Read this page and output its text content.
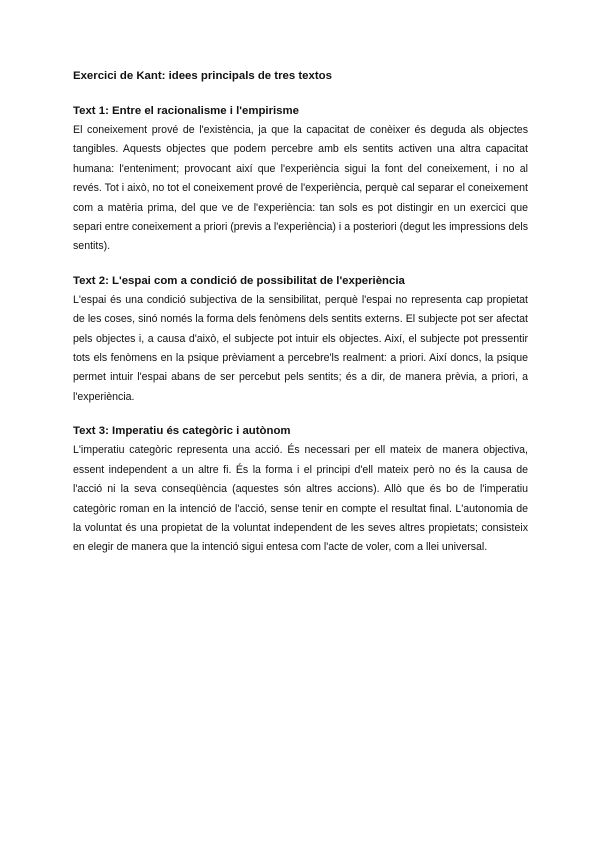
Exercici de Kant: idees principals de tres textos
Text 1: Entre el racionalisme i l'empirisme

El coneixement prové de l'existència, ja que la capacitat de conèixer és deguda als objectes tangibles. Aquests objectes que podem percebre amb els sentits activen una altra capacitat humana: l'enteniment; provocant així que l'experiència sigui la font del coneixement, i no al revés. Tot i això, no tot el coneixement prové de l'experiència, perquè cal separar el coneixement com a matèria prima, del que ve de l'experiència: tan sols es pot distingir en un exercici que separi entre coneixement a priori (previs a l'experiència) i a posteriori (degut les impressions dels sentits).

Text 2: L'espai com a condició de possibilitat de l'experiència

L'espai és una condició subjectiva de la sensibilitat, perquè l'espai no representa cap propietat de les coses, sinó només la forma dels fenòmens dels sentits externs. El subjecte pot ser afectat pels objectes i, a causa d'això, el subjecte pot intuir els objectes. Així, el subjecte pot pressentir tots els fenòmens en la psique prèviament a percebre'ls realment: a priori. Així doncs, la psique permet intuir l'espai abans de ser percebut pels sentits; és a dir, de manera prèvia, a priori, a l'experiència.

Text 3: Imperatiu és categòric i autònom

L'imperatiu categòric representa una acció. És necessari per ell mateix de manera objectiva, essent independent a un altre fi. És la forma i el principi d'ell mateix però no és la causa de l'acció ni la seva conseqüència (aquestes són altres accions). Allò que és bo de l'imperatiu categòric roman en la intenció de l'acció, sense tenir en compte el resultat final. L'autonomia de la voluntat és una propietat de la voluntat independent de les seves altres propietats; consisteix en elegir de manera que la intenció sigui entesa com l'acte de voler, com a llei universal.
